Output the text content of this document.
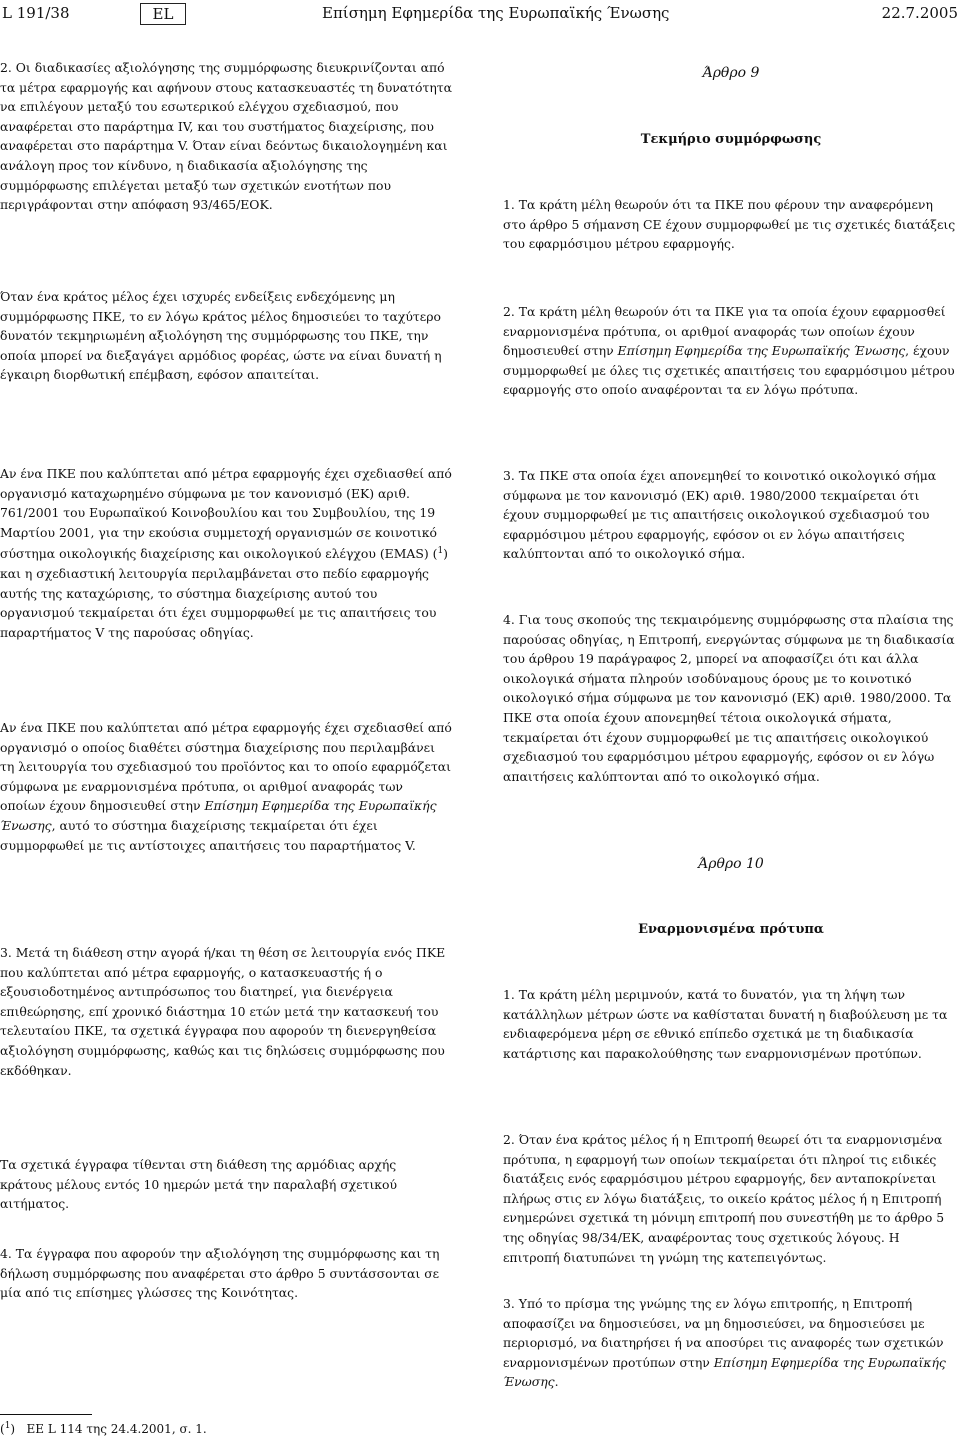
L 191/38	EL	Επίσημη Εφημερίδα της Ευρωπαϊκής Ένωσης	22.7.2005

2. Οι διαδικασίες αξιολόγησης της συμμόρφωσης διευκρινίζονται από τα μέτρα εφαρμογής και αφήνουν στους κατασκευαστές τη δυνατότητα να επιλέγουν μεταξύ του εσωτερικού ελέγχου σχεδιασμού, που αναφέρεται στο παράρτημα IV, και του συστήματος διαχείρισης, που αναφέρεται στο παράρτημα V. Όταν είναι δεόντως δικαιολογημένη και ανάλογη προς τον κίνδυνο, η διαδικασία αξιολόγησης της συμμόρφωσης επιλέγεται μεταξύ των σχετικών ενοτήτων που περιγράφονται στην απόφαση 93/465/ΕΟΚ.

Όταν ένα κράτος μέλος έχει ισχυρές ενδείξεις ενδεχόμενης μη συμμόρφωσης ΠΚΕ, το εν λόγω κράτος μέλος δημοσιεύει το ταχύτερο δυνατόν τεκμηριωμένη αξιολόγηση της συμμόρφωσης του ΠΚΕ, την οποία μπορεί να διεξαγάγει αρμόδιος φορέας, ώστε να είναι δυνατή η έγκαιρη διορθωτική επέμβαση, εφόσον απαιτείται.

Αν ένα ΠΚΕ που καλύπτεται από μέτρα εφαρμογής έχει σχεδιασθεί από οργανισμό καταχωρημένο σύμφωνα με τον κανονισμό (ΕΚ) αριθ. 761/2001 του Ευρωπαϊκού Κοινοβουλίου και του Συμβουλίου, της 19 Μαρτίου 2001, για την εκούσια συμμετοχή οργανισμών σε κοινοτικό σύστημα οικολογικής διαχείρισης και οικολογικού ελέγχου (EMAS) ($^1$) και η σχεδιαστική λειτουργία περιλαμβάνεται στο πεδίο εφαρμογής αυτής της καταχώρισης, το σύστημα διαχείρισης αυτού του οργανισμού τεκμαίρεται ότι έχει συμμορφωθεί με τις απαιτήσεις του παραρτήματος V της παρούσας οδηγίας.

Αν ένα ΠΚΕ που καλύπτεται από μέτρα εφαρμογής έχει σχεδιασθεί από οργανισμό ο οποίος διαθέτει σύστημα διαχείρισης που περιλαμβάνει τη λειτουργία του σχεδιασμού του προϊόντος και το οποίο εφαρμόζεται σύμφωνα με εναρμονισμένα πρότυπα, οι αριθμοί αναφοράς των οποίων έχουν δημοσιευθεί στην Επίσημη Εφημερίδα της Ευρωπαϊκής Ένωσης, αυτό το σύστημα διαχείρισης τεκμαίρεται ότι έχει συμμορφωθεί με τις αντίστοιχες απαιτήσεις του παραρτήματος V.

3. Μετά τη διάθεση στην αγορά ή/και τη θέση σε λειτουργία ενός ΠΚΕ που καλύπτεται από μέτρα εφαρμογής, ο κατασκευαστής ή ο εξουσιοδοτημένος αντιπρόσωπος του διατηρεί, για διενέργεια επιθεώρησης, επί χρονικό διάστημα 10 ετών μετά την κατασκευή του τελευταίου ΠΚΕ, τα σχετικά έγγραφα που αφορούν τη διενεργηθείσα αξιολόγηση συμμόρφωσης, καθώς και τις δηλώσεις συμμόρφωσης που εκδόθηκαν.

Τα σχετικά έγγραφα τίθενται στη διάθεση της αρμόδιας αρχής κράτους μέλους εντός 10 ημερών μετά την παραλαβή σχετικού αιτήματος.

4. Τα έγγραφα που αφορούν την αξιολόγηση της συμμόρφωσης και τη δήλωση συμμόρφωσης που αναφέρεται στο άρθρο 5 συντάσσονται σε μία από τις επίσημες γλώσσες της Κοινότητας.

($^1$)   ΕΕ L 114 της 24.4.2001, σ. 1.

Άρθρο 9

Τεκμήριο συμμόρφωσης

1. Τα κράτη μέλη θεωρούν ότι τα ΠΚΕ που φέρουν την αναφερόμενη στο άρθρο 5 σήμανση CE έχουν συμμορφωθεί με τις σχετικές διατάξεις του εφαρμόσιμου μέτρου εφαρμογής.

2. Τα κράτη μέλη θεωρούν ότι τα ΠΚΕ για τα οποία έχουν εφαρμοσθεί εναρμονισμένα πρότυπα, οι αριθμοί αναφοράς των οποίων έχουν δημοσιευθεί στην Επίσημη Εφημερίδα της Ευρωπαϊκής Ένωσης, έχουν συμμορφωθεί με όλες τις σχετικές απαιτήσεις του εφαρμόσιμου μέτρου εφαρμογής στο οποίο αναφέρονται τα εν λόγω πρότυπα.

3. Τα ΠΚΕ στα οποία έχει απονεμηθεί το κοινοτικό οικολογικό σήμα σύμφωνα με τον κανονισμό (ΕΚ) αριθ. 1980/2000 τεκμαίρεται ότι έχουν συμμορφωθεί με τις απαιτήσεις οικολογικού σχεδιασμού του εφαρμόσιμου μέτρου εφαρμογής, εφόσον οι εν λόγω απαιτήσεις καλύπτονται από το οικολογικό σήμα.

4. Για τους σκοπούς της τεκμαιρόμενης συμμόρφωσης στα πλαίσια της παρούσας οδηγίας, η Επιτροπή, ενεργώντας σύμφωνα με τη διαδικασία του άρθρου 19 παράγραφος 2, μπορεί να αποφασίζει ότι και άλλα οικολογικά σήματα πληρούν ισοδύναμους όρους με το κοινοτικό οικολογικό σήμα σύμφωνα με τον κανονισμό (ΕΚ) αριθ. 1980/2000. Τα ΠΚΕ στα οποία έχουν απονεμηθεί τέτοια οικολογικά σήματα, τεκμαίρεται ότι έχουν συμμορφωθεί με τις απαιτήσεις οικολογικού σχεδιασμού του εφαρμόσιμου μέτρου εφαρμογής, εφόσον οι εν λόγω απαιτήσεις καλύπτονται από το οικολογικό σήμα.

Άρθρο 10

Εναρμονισμένα πρότυπα

1. Τα κράτη μέλη μεριμνούν, κατά το δυνατόν, για τη λήψη των κατάλληλων μέτρων ώστε να καθίσταται δυνατή η διαβούλευση με τα ενδιαφερόμενα μέρη σε εθνικό επίπεδο σχετικά με τη διαδικασία κατάρτισης και παρακολούθησης των εναρμονισμένων προτύπων.

2. Όταν ένα κράτος μέλος ή η Επιτροπή θεωρεί ότι τα εναρμονισμένα πρότυπα, η εφαρμογή των οποίων τεκμαίρεται ότι πληροί τις ειδικές διατάξεις ενός εφαρμόσιμου μέτρου εφαρμογής, δεν ανταποκρίνεται πλήρως στις εν λόγω διατάξεις, το οικείο κράτος μέλος ή η Επιτροπή ενημερώνει σχετικά τη μόνιμη επιτροπή που συνεστήθη με το άρθρο 5 της οδηγίας 98/34/ΕΚ, αναφέροντας τους σχετικούς λόγους. Η επιτροπή διατυπώνει τη γνώμη της κατεπειγόντως.

3. Υπό το πρίσμα της γνώμης της εν λόγω επιτροπής, η Επιτροπή αποφασίζει να δημοσιεύσει, να μη δημοσιεύσει, να δημοσιεύσει με περιορισμό, να διατηρήσει ή να αποσύρει τις αναφορές των σχετικών εναρμονισμένων προτύπων στην Επίσημη Εφημερίδα της Ευρωπαϊκής Ένωσης.
